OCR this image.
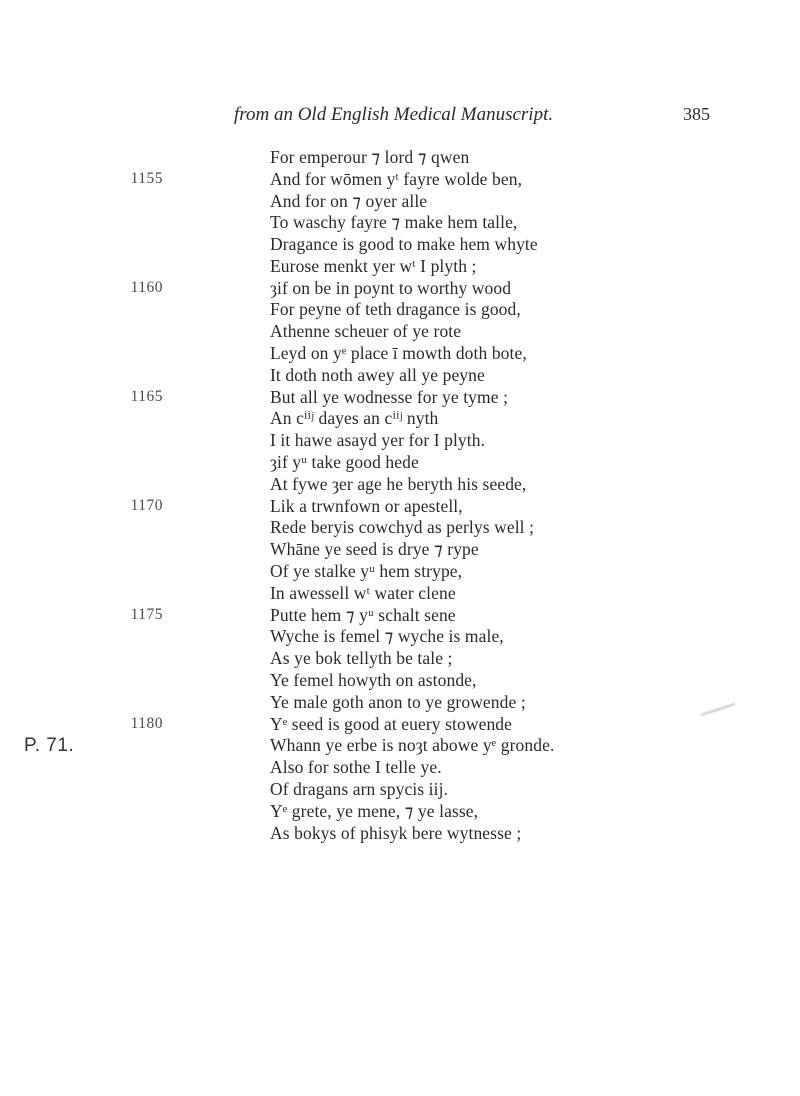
from an Old English Medical Manuscript.	385
P. 71.
1155
1160
1165
1170
1175
1180
For emperour ⁊ lord ⁊ qwen
And for wōmen yᵗ fayre wolde ben,
And for on ⁊ oyer alle
To waschy fayre ⁊ make hem talle,
Dragance is good to make hem whyte
Eurose menkt yer wᵗ I plyth ;
ȝif on be in poynt to worthy wood
For peyne of teth dragance is good,
Athenne scheuer of ye rote
Leyd on yᵉ place ī mowth doth bote,
It doth noth awey all ye peyne
But all ye wodnesse for ye tyme ;
An cⁱⁱʲ dayes an cⁱⁱʲ nyth
I it hawe asayd yer for I plyth.
ȝif yᵘ take good hede
At fywe ȝer age he beryth his seede,
Lik a trwnfown or apestell,
Rede beryis cowchyd as perlys well ;
Whāne ye seed is drye ⁊ rype
Of ye stalke yᵘ hem strype,
In awessell wᵗ water clene
Putte hem ⁊ yᵘ schalt sene
Wyche is femel ⁊ wyche is male,
As ye bok tellyth be tale ;
Ye femel howyth on astonde,
Ye male goth anon to ye growende ;
Yᵉ seed is good at euery stowende
Whann ye erbe is noȝt abowe yᵉ gronde.
Also for sothe I telle ye.
Of dragans arn spycis iij.
Yᵉ grete, ye mene, ⁊ ye lasse,
As bokys of phisyk bere wytnesse ;
